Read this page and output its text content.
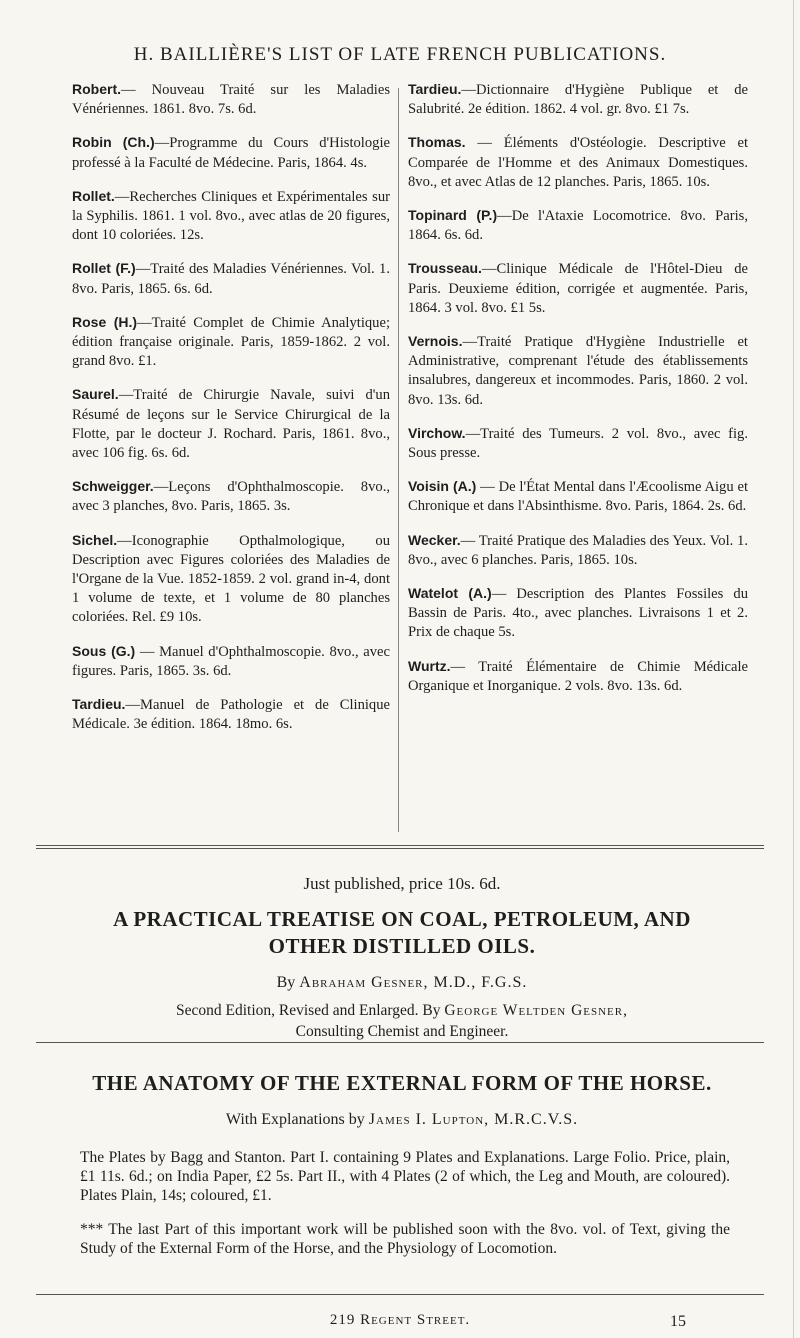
H. BAILLIÈRE'S LIST OF LATE FRENCH PUBLICATIONS.

Robert.— Nouveau Traité sur les Maladies Vénériennes. 1861. 8vo. 7s. 6d.

Robin (Ch.)—Programme du Cours d'Histologie professé à la Faculté de Médecine. Paris, 1864. 4s.

Rollet.—Recherches Cliniques et Expérimentales sur la Syphilis. 1861. 1 vol. 8vo., avec atlas de 20 figures, dont 10 coloriées. 12s.

Rollet (F.)—Traité des Maladies Vénériennes. Vol. 1. 8vo. Paris, 1865. 6s. 6d.

Rose (H.)—Traité Complet de Chimie Analytique; édition française originale. Paris, 1859-1862. 2 vol. grand 8vo. £1.

Saurel.—Traité de Chirurgie Navale, suivi d'un Résumé de leçons sur le Service Chirurgical de la Flotte, par le docteur J. Rochard. Paris, 1861. 8vo., avec 106 fig. 6s. 6d.

Schweigger.—Leçons d'Ophthalmoscopie. 8vo., avec 3 planches, 8vo. Paris, 1865. 3s.

Sichel.—Iconographie Opthalmologique, ou Description avec Figures coloriées des Maladies de l'Organe de la Vue. 1852-1859. 2 vol. grand in-4, dont 1 volume de texte, et 1 volume de 80 planches coloriées. Rel. £9 10s.

Sous (G.) — Manuel d'Ophthalmoscopie. 8vo., avec figures. Paris, 1865. 3s. 6d.

Tardieu.—Manuel de Pathologie et de Clinique Médicale. 3e édition. 1864. 18mo. 6s.

Tardieu.—Dictionnaire d'Hygiène Publique et de Salubrité. 2e édition. 1862. 4 vol. gr. 8vo. £1 7s.

Thomas. — Éléments d'Ostéologie. Descriptive et Comparée de l'Homme et des Animaux Domestiques. 8vo., et avec Atlas de 12 planches. Paris, 1865. 10s.

Topinard (P.)—De l'Ataxie Locomotrice. 8vo. Paris, 1864. 6s. 6d.

Trousseau.—Clinique Médicale de l'Hôtel-Dieu de Paris. Deuxieme édition, corrigée et augmentée. Paris, 1864. 3 vol. 8vo. £1 5s.

Vernois.—Traité Pratique d'Hygiène Industrielle et Administrative, comprenant l'étude des établissements insalubres, dangereux et incommodes. Paris, 1860. 2 vol. 8vo. 13s. 6d.

Virchow.—Traité des Tumeurs. 2 vol. 8vo., avec fig. Sous presse.

Voisin (A.) — De l'État Mental dans l'Æcoolisme Aigu et Chronique et dans l'Absinthisme. 8vo. Paris, 1864. 2s. 6d.

Wecker.— Traité Pratique des Maladies des Yeux. Vol. 1. 8vo., avec 6 planches. Paris, 1865. 10s.

Watelot (A.)— Description des Plantes Fossiles du Bassin de Paris. 4to., avec planches. Livraisons 1 et 2. Prix de chaque 5s.

Wurtz.— Traité Élémentaire de Chimie Médicale Organique et Inorganique. 2 vols. 8vo. 13s. 6d.

Just published, price 10s. 6d.

A PRACTICAL TREATISE ON COAL, PETROLEUM, AND OTHER DISTILLED OILS.

By Abraham Gesner, M.D., F.G.S.

Second Edition, Revised and Enlarged. By George Weltden Gesner,
Consulting Chemist and Engineer.

THE ANATOMY OF THE EXTERNAL FORM OF THE HORSE.

With Explanations by James I. Lupton, M.R.C.V.S.

The Plates by Bagg and Stanton. Part I. containing 9 Plates and Explanations. Large Folio. Price, plain, £1 11s. 6d.; on India Paper, £2 5s. Part II., with 4 Plates (2 of which, the Leg and Mouth, are coloured). Plates Plain, 14s; coloured, £1.

*** The last Part of this important work will be published soon with the 8vo. vol. of Text, giving the Study of the External Form of the Horse, and the Physiology of Locomotion.

219 Regent Street.	15
